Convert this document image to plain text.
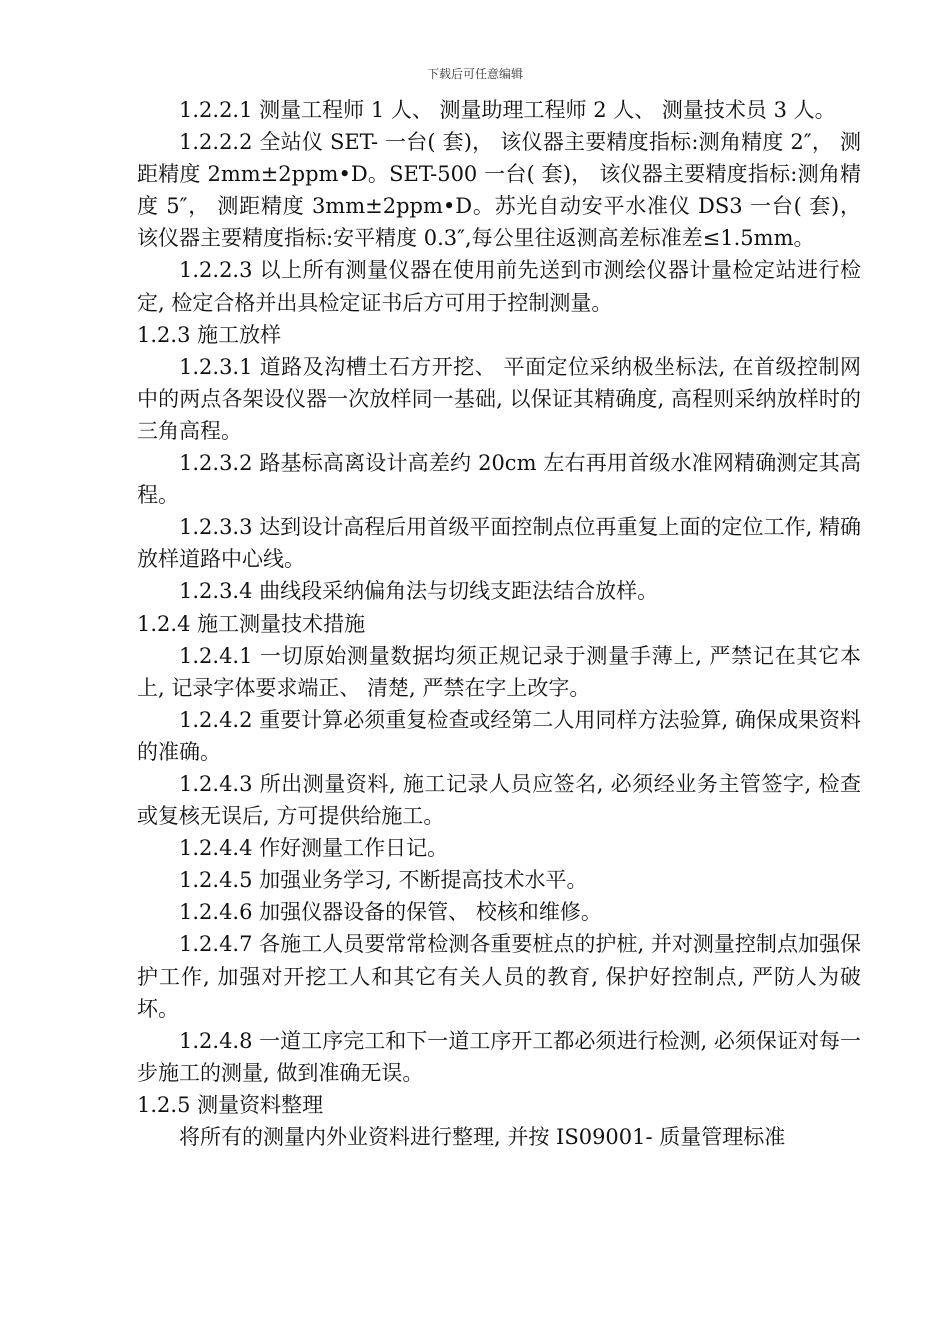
下载后可任意编辑

1.2.2.1 测量工程师 1 人、 测量助理工程师 2 人、 测量技术员 3 人。

1.2.2.2 全站仪 SET- 一台( 套)， 该仪器主要精度指标:测角精度 2″， 测距精度 2mm±2ppm•D。SET-500 一台( 套)， 该仪器主要精度指标:测角精度 5″， 测距精度 3mm±2ppm•D。苏光自动安平水准仪 DS3 一台( 套)， 该仪器主要精度指标:安平精度 0.3″,每公里往返测高差标准差≤1.5mm。

1.2.2.3 以上所有测量仪器在使用前先送到市测绘仪器计量检定站进行检定, 检定合格并出具检定证书后方可用于控制测量。

1.2.3 施工放样

1.2.3.1 道路及沟槽土石方开挖、 平面定位采纳极坐标法, 在首级控制网中的两点各架设仪器一次放样同一基础, 以保证其精确度, 高程则采纳放样时的三角高程。

1.2.3.2 路基标高离设计高差约 20cm 左右再用首级水准网精确测定其高程。

1.2.3.3 达到设计高程后用首级平面控制点位再重复上面的定位工作, 精确放样道路中心线。

1.2.3.4 曲线段采纳偏角法与切线支距法结合放样。

1.2.4 施工测量技术措施

1.2.4.1 一切原始测量数据均须正规记录于测量手薄上, 严禁记在其它本上, 记录字体要求端正、 清楚, 严禁在字上改字。

1.2.4.2 重要计算必须重复检查或经第二人用同样方法验算, 确保成果资料的准确。

1.2.4.3 所出测量资料, 施工记录人员应签名, 必须经业务主管签字, 检查或复核无误后, 方可提供给施工。

1.2.4.4 作好测量工作日记。

1.2.4.5 加强业务学习, 不断提高技术水平。

1.2.4.6 加强仪器设备的保管、 校核和维修。

1.2.4.7 各施工人员要常常检测各重要桩点的护桩, 并对测量控制点加强保护工作, 加强对开挖工人和其它有关人员的教育, 保护好控制点, 严防人为破坏。

1.2.4.8 一道工序完工和下一道工序开工都必须进行检测, 必须保证对每一步施工的测量, 做到准确无误。

1.2.5 测量资料整理

将所有的测量内外业资料进行整理, 并按 IS09001- 质量管理标准
